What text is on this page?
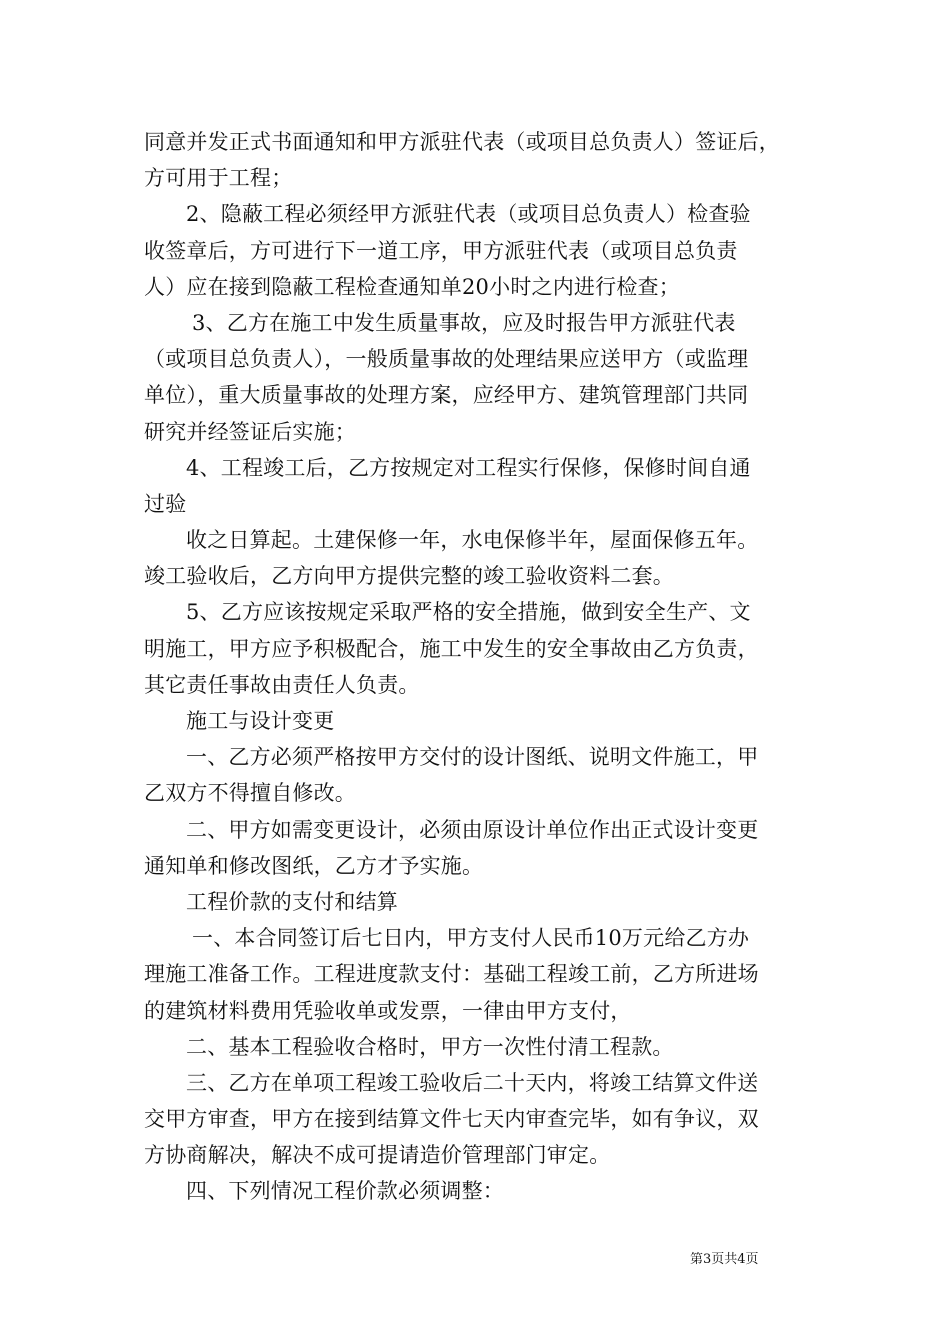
同意并发正式书面通知和甲方派驻代表（或项目总负责人）签证后，
方可用于工程；
2、隐蔽工程必须经甲方派驻代表（或项目总负责人）检查验
收签章后，方可进行下一道工序，甲方派驻代表（或项目总负责
人）应在接到隐蔽工程检查通知单20小时之内进行检查；
3、乙方在施工中发生质量事故，应及时报告甲方派驻代表
（或项目总负责人），一般质量事故的处理结果应送甲方（或监理
单位），重大质量事故的处理方案，应经甲方、建筑管理部门共同
研究并经签证后实施；
4、工程竣工后，乙方按规定对工程实行保修，保修时间自通
过验
收之日算起。土建保修一年，水电保修半年，屋面保修五年。
竣工验收后，乙方向甲方提供完整的竣工验收资料二套。
5、乙方应该按规定采取严格的安全措施，做到安全生产、文
明施工，甲方应予积极配合，施工中发生的安全事故由乙方负责，
其它责任事故由责任人负责。
施工与设计变更
一、乙方必须严格按甲方交付的设计图纸、说明文件施工，甲
乙双方不得擅自修改。
二、甲方如需变更设计，必须由原设计单位作出正式设计变更
通知单和修改图纸，乙方才予实施。
工程价款的支付和结算
一、本合同签订后七日内，甲方支付人民币10万元给乙方办
理施工准备工作。工程进度款支付：基础工程竣工前，乙方所进场
的建筑材料费用凭验收单或发票，一律由甲方支付，
二、基本工程验收合格时，甲方一次性付清工程款。
三、乙方在单项工程竣工验收后二十天内，将竣工结算文件送
交甲方审查，甲方在接到结算文件七天内审查完毕，如有争议，双
方协商解决，解决不成可提请造价管理部门审定。
四、下列情况工程价款必须调整：
第3页共4页
